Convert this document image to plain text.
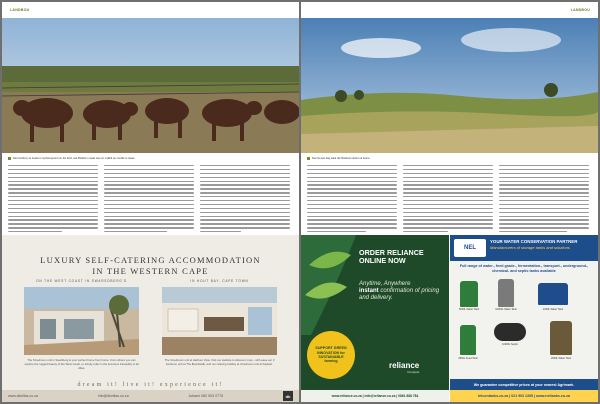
LANDBOU
Die boerdery se koeke is wydverspreid oor die land, wat Buffels in staat stel om maklik op meville te oleas.
LUXURY SELF-CATERING ACCOMMODATION
IN THE WESTERN CAPE
ON THE WEST COAST IN SWARSDBERG'S	IN HOUT BAY, CAPE TOWN
The 5-bedroom unit in Swartberg is your perfect home from home. From where you can explore the rugged beauty of the West Coast, or simply relax in the luxurious tranquility of all villas.
The 3-bedroom unit at Harbour View. Visit our website to discover more - with ease our 3 bedroom unit at The Boardwalk, and our relaxing holiday at 3-bedroom unit at Kaptein.
dream it! live it! experience it!
www.dkvillas.co.za	info@dkvillas.co.za	Johann 082 903 0775	dk
LANDBOU
Die hemels dag staal die Mitsbuul uitrekt na boere.
ORDER RELIANCE ONLINE NOW
Anytime, Anywhere
instant confirmation of pricing and delivery.
SUPPORT GREEN INNOVATION for SUSTAINABLE farming	reliance
Compost
www.reliance.co.za | info@reliance.co.za | 0861 888 784
NEL
YOUR WATER CONSERVATION PARTNER
Manufacturers of storage tanks and solutions
Full range of water-, feed grade-, fermentation-, transport-, underground-, chemical- and septic tanks available
5000L Water Tank	10000L Water Tank	1000L Water Tank
2500L Feed Tank
10000L Septic
2000L Water Tank
We guarantee competitive prices at your nearest Agrimark.
telcontanks.co.za | 021 903 1395 | www.neltanks.co.za
